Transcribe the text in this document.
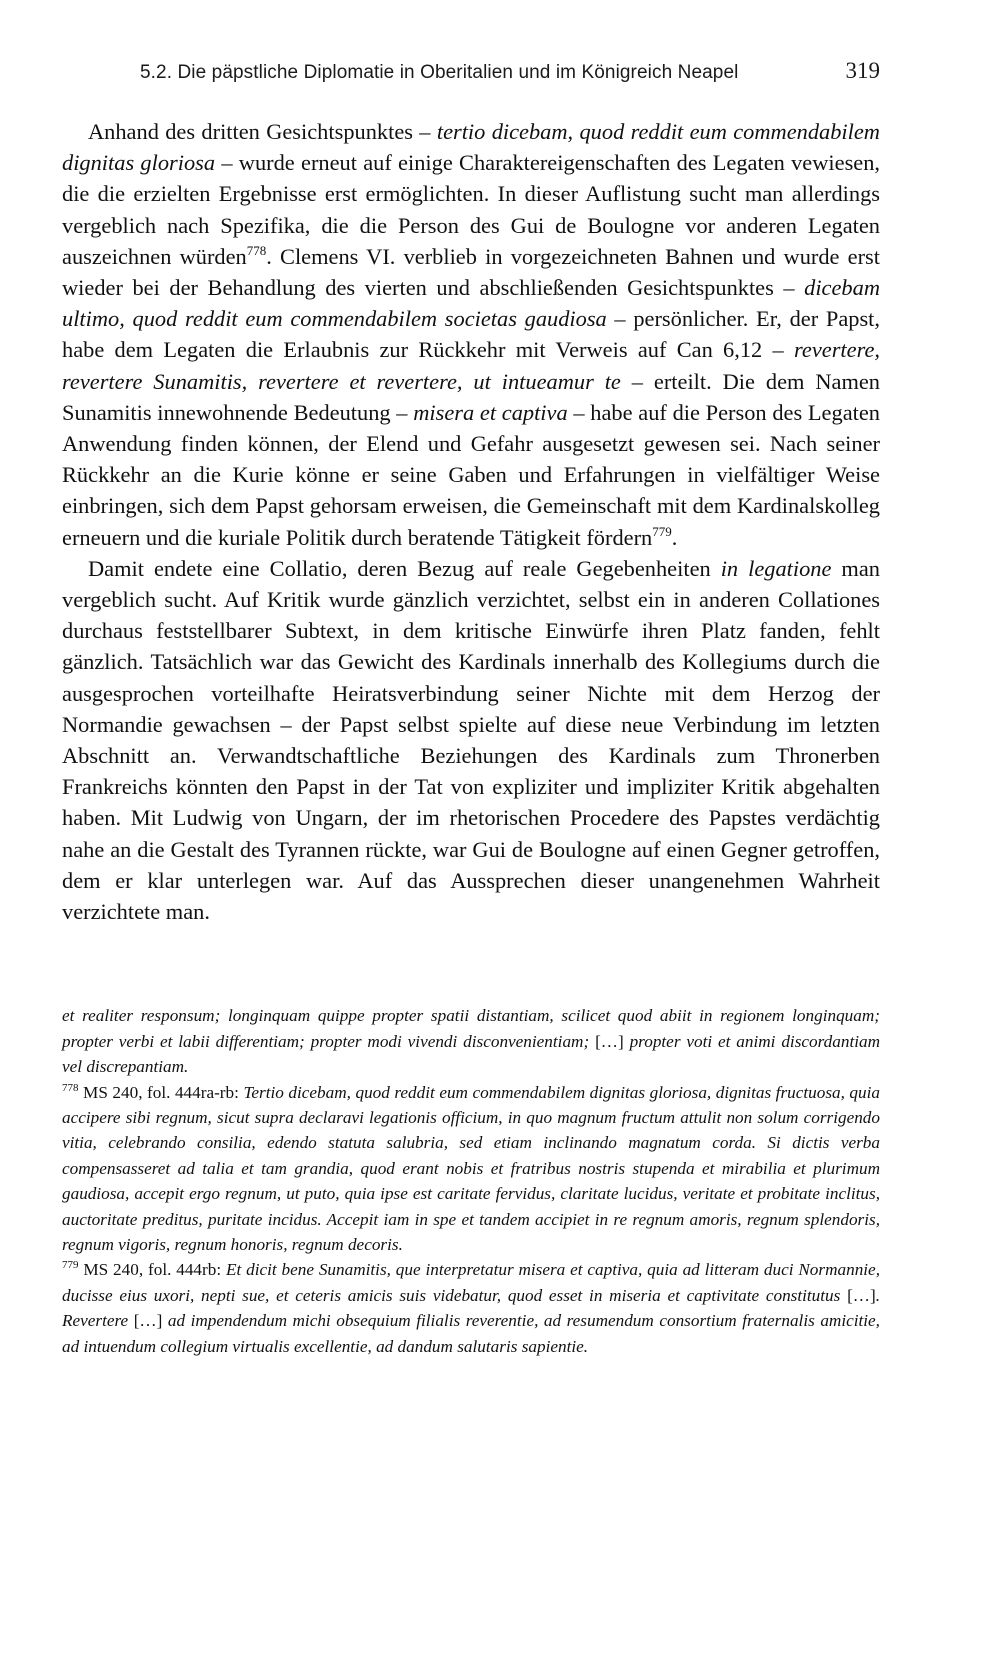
5.2. Die päpstliche Diplomatie in Oberitalien und im Königreich Neapel	319

Anhand des dritten Gesichtspunktes – tertio dicebam, quod reddit eum commendabilem dignitas gloriosa – wurde erneut auf einige Charaktereigenschaften des Legaten vewiesen, die die erzielten Ergebnisse erst ermöglichten. In dieser Auflistung sucht man allerdings vergeblich nach Spezifika, die die Person des Gui de Boulogne vor anderen Legaten auszeichnen würden$^{778}$. Clemens VI. verblieb in vorgezeichneten Bahnen und wurde erst wieder bei der Behandlung des vierten und abschließenden Gesichtspunktes – dicebam ultimo, quod reddit eum commendabilem societas gaudiosa – persönlicher. Er, der Papst, habe dem Legaten die Erlaubnis zur Rückkehr mit Verweis auf Can 6,12 – revertere, revertere Sunamitis, revertere et revertere, ut intueamur te – erteilt. Die dem Namen Sunamitis innewohnende Bedeutung – misera et captiva – habe auf die Person des Legaten Anwendung finden können, der Elend und Gefahr ausgesetzt gewesen sei. Nach seiner Rückkehr an die Kurie könne er seine Gaben und Erfahrungen in vielfältiger Weise einbringen, sich dem Papst gehorsam erweisen, die Gemeinschaft mit dem Kardinalskolleg erneuern und die kuriale Politik durch beratende Tätigkeit fördern$^{779}$.

Damit endete eine Collatio, deren Bezug auf reale Gegebenheiten in legatione man vergeblich sucht. Auf Kritik wurde gänzlich verzichtet, selbst ein in anderen Collationes durchaus feststellbarer Subtext, in dem kritische Einwürfe ihren Platz fanden, fehlt gänzlich. Tatsächlich war das Gewicht des Kardinals innerhalb des Kollegiums durch die ausgesprochen vorteilhafte Heiratsverbindung seiner Nichte mit dem Herzog der Normandie gewachsen – der Papst selbst spielte auf diese neue Verbindung im letzten Abschnitt an. Verwandtschaftliche Beziehungen des Kardinals zum Thronerben Frankreichs könnten den Papst in der Tat von expliziter und impliziter Kritik abgehalten haben. Mit Ludwig von Ungarn, der im rhetorischen Procedere des Papstes verdächtig nahe an die Gestalt des Tyrannen rückte, war Gui de Boulogne auf einen Gegner getroffen, dem er klar unterlegen war. Auf das Aussprechen dieser unangenehmen Wahrheit verzichtete man.

et realiter responsum; longinquam quippe propter spatii distantiam, scilicet quod abiit in regionem longinquam; propter verbi et labii differentiam; propter modi vivendi disconvenientiam; […] propter voti et animi discordantiam vel discrepantiam.

$^{778}$ MS 240, fol. 444ra-rb: Tertio dicebam, quod reddit eum commendabilem dignitas gloriosa, dignitas fructuosa, quia accipere sibi regnum, sicut supra declaravi legationis officium, in quo magnum fructum attulit non solum corrigendo vitia, celebrando consilia, edendo statuta salubria, sed etiam inclinando magnatum corda. Si dictis verba compensasseret ad talia et tam grandia, quod erant nobis et fratribus nostris stupenda et mirabilia et plurimum gaudiosa, accepit ergo regnum, ut puto, quia ipse est caritate fervidus, claritate lucidus, veritate et probitate inclitus, auctoritate preditus, puritate incidus. Accepit iam in spe et tandem accipiet in re regnum amoris, regnum splendoris, regnum vigoris, regnum honoris, regnum decoris.

$^{779}$ MS 240, fol. 444rb: Et dicit bene Sunamitis, que interpretatur misera et captiva, quia ad litteram duci Normannie, ducisse eius uxori, nepti sue, et ceteris amicis suis videbatur, quod esset in miseria et captivitate constitutus […]. Revertere […] ad impendendum michi obsequium filialis reverentie, ad resumendum consortium fraternalis amicitie, ad intuendum collegium virtualis excellentie, ad dandum salutaris sapientie.
